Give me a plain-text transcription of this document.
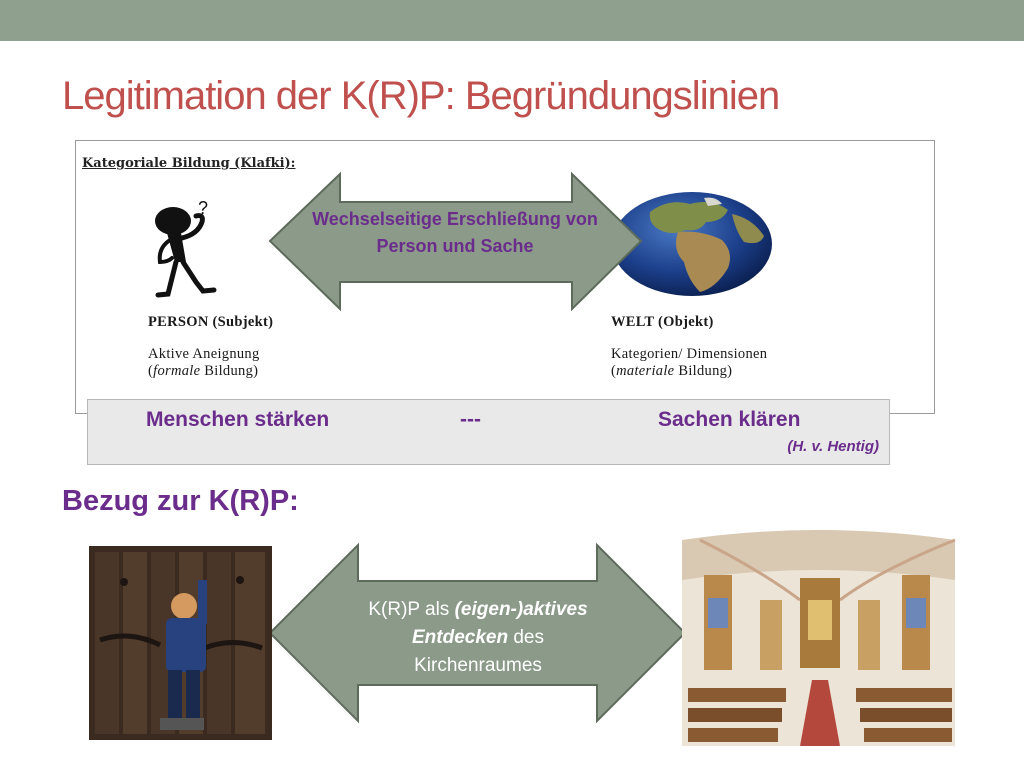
Legitimation der K(R)P: Begründungslinien
Kategoriale Bildung (Klafki):
?
Wechselseitige Erschließung von Person und Sache
PERSON (Subjekt)
Aktive Aneignung
(formale Bildung)
WELT (Objekt)
Kategorien/ Dimensionen
(materiale Bildung)
Menschen stärken	---	Sachen klären
(H. v. Hentig)
Bezug zur K(R)P:
K(R)P als (eigen-)aktives
Entdecken des
Kirchenraumes
